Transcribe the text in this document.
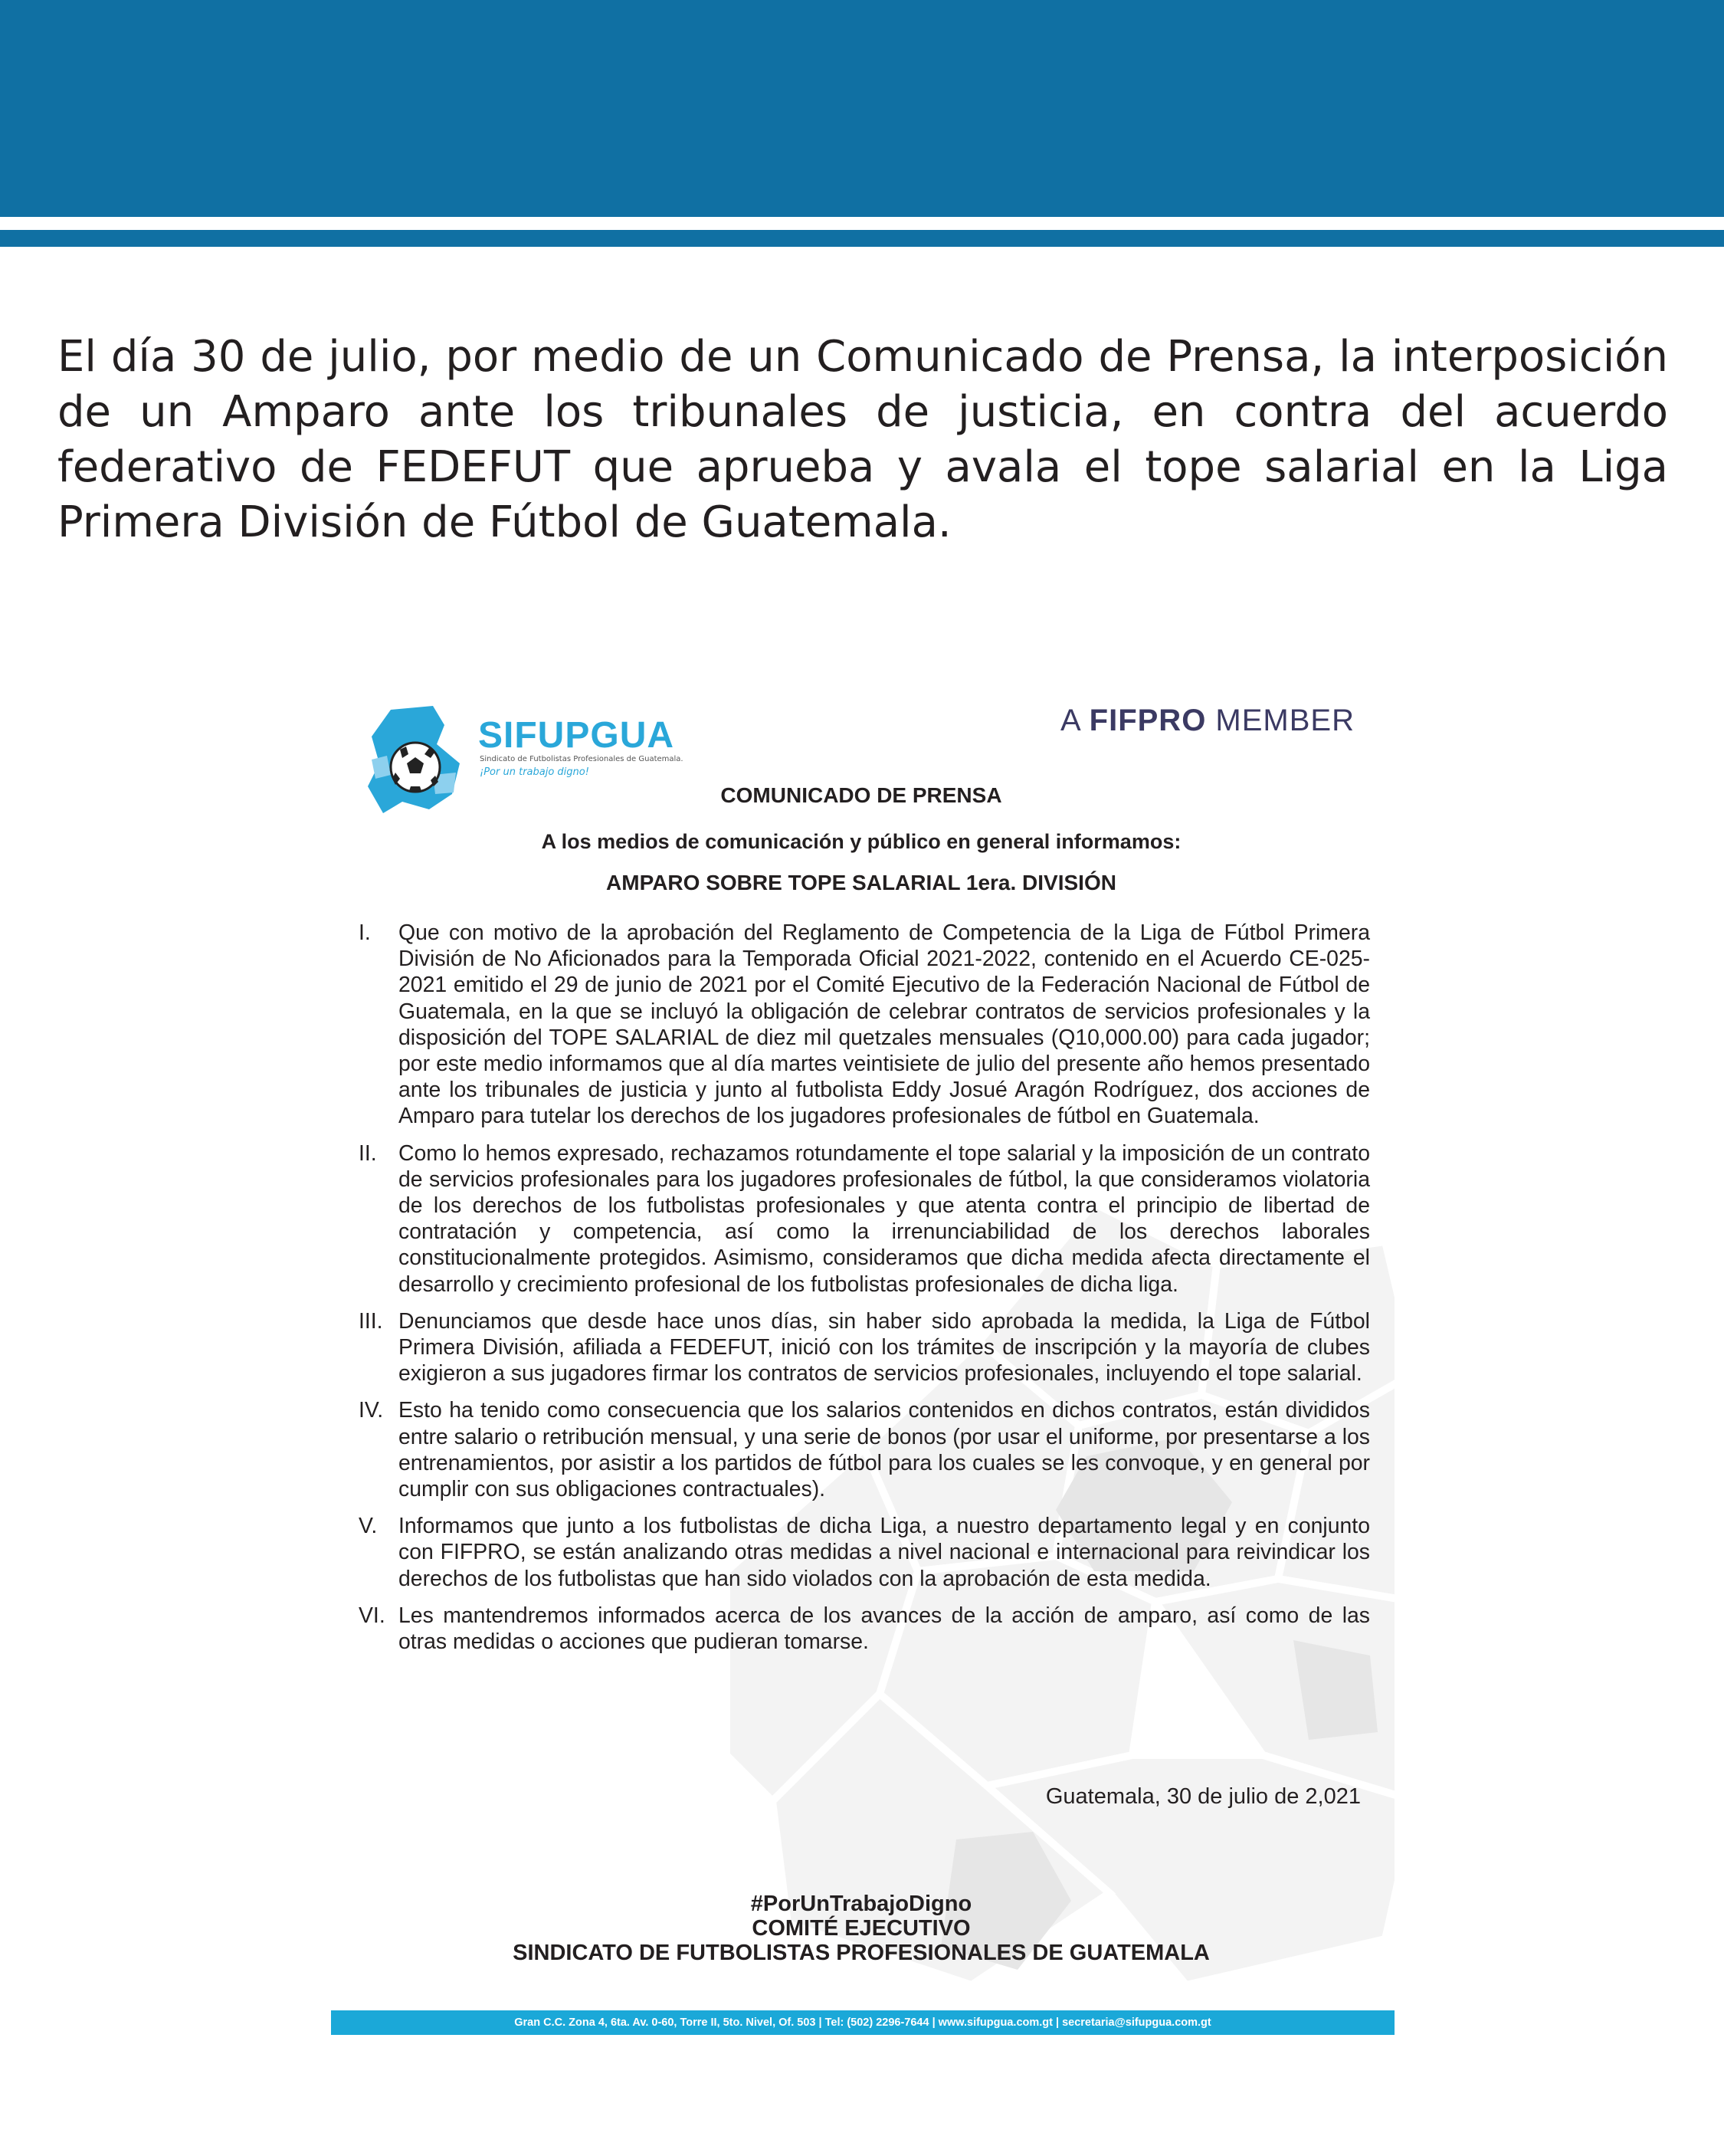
El día 30 de julio, por medio de un Comunicado de Prensa, la interposición de un Amparo ante los tribunales de justicia, en contra del acuerdo federativo de FEDEFUT que aprueba y avala el tope salarial en la Liga Primera División de Fútbol de Guatemala.

SIFUPGUA
Sindicato de Futbolistas Profesionales de Guatemala.
¡Por un trabajo digno!
A FIFPRO MEMBER
COMUNICADO DE PRENSA
A los medios de comunicación y público en general informamos:
AMPARO SOBRE TOPE SALARIAL 1era. DIVISIÓN
I.	Que con motivo de la aprobación del Reglamento de Competencia de la Liga de Fútbol Primera División de No Aficionados para la Temporada Oficial 2021-2022, contenido en el Acuerdo CE-025-2021 emitido el 29 de junio de 2021 por el Comité Ejecutivo de la Federación Nacional de Fútbol de Guatemala, en la que se incluyó la obligación de celebrar contratos de servicios profesionales y la disposición del TOPE SALARIAL de diez mil quetzales mensuales (Q10,000.00) para cada jugador; por este medio informamos que al día martes veintisiete de julio del presente año hemos presentado ante los tribunales de justicia y junto al futbolista Eddy Josué Aragón Rodríguez, dos acciones de Amparo para tutelar los derechos de los jugadores profesionales de fútbol en Guatemala.
II. Como lo hemos expresado, rechazamos rotundamente el tope salarial y la imposición de un contrato de servicios profesionales para los jugadores profesionales de fútbol, la que consideramos violatoria de los derechos de los futbolistas profesionales y que atenta contra el principio de libertad de contratación y competencia, así como la irrenunciabilidad de los derechos laborales constitucionalmente protegidos. Asimismo, consideramos que dicha medida afecta directamente el desarrollo y crecimiento profesional de los futbolistas profesionales de dicha liga.
III. Denunciamos que desde hace unos días, sin haber sido aprobada la medida, la Liga de Fútbol Primera División, afiliada a FEDEFUT, inició con los trámites de inscripción y la mayoría de clubes exigieron a sus jugadores firmar los contratos de servicios profesionales, incluyendo el tope salarial.
IV. Esto ha tenido como consecuencia que los salarios contenidos en dichos contratos, están divididos entre salario o retribución mensual, y una serie de bonos (por usar el uniforme, por presentarse a los entrenamientos, por asistir a los partidos de fútbol para los cuales se les convoque, y en general por cumplir con sus obligaciones contractuales).
V. Informamos que junto a los futbolistas de dicha Liga, a nuestro departamento legal y en conjunto con FIFPRO, se están analizando otras medidas a nivel nacional e internacional para reivindicar los derechos de los futbolistas que han sido violados con la aprobación de esta medida.
VI. Les mantendremos informados acerca de los avances de la acción de amparo, así como de las otras medidas o acciones que pudieran tomarse.
Guatemala, 30 de julio de 2,021
#PorUnTrabajoDigno
COMITÉ EJECUTIVO
SINDICATO DE FUTBOLISTAS PROFESIONALES DE GUATEMALA
Gran C.C. Zona 4, 6ta. Av. 0-60, Torre II, 5to. Nivel, Of. 503 | Tel: (502) 2296-7644 | www.sifupgua.com.gt | secretaria@sifupgua.com.gt
